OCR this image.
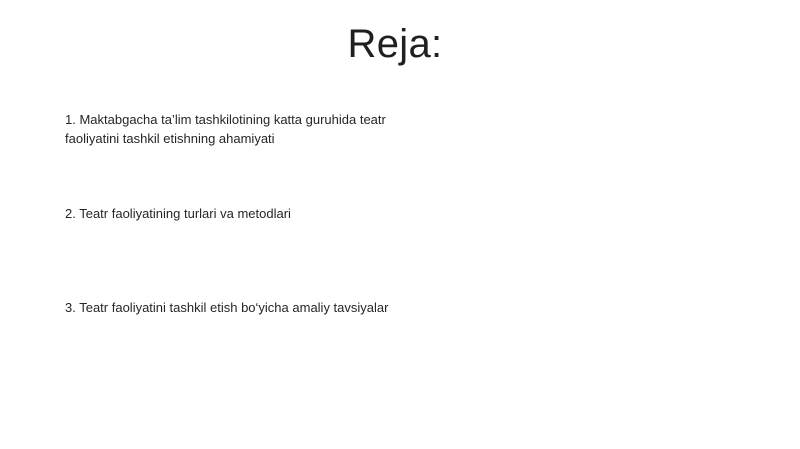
Reja:
1. Maktabgacha ta’lim tashkilotining katta guruhida teatr faoliyatini tashkil etishning ahamiyati
2. Teatr faoliyatining turlari va metodlari
3. Teatr faoliyatini tashkil etish bo‘yicha amaliy tavsiyalar
